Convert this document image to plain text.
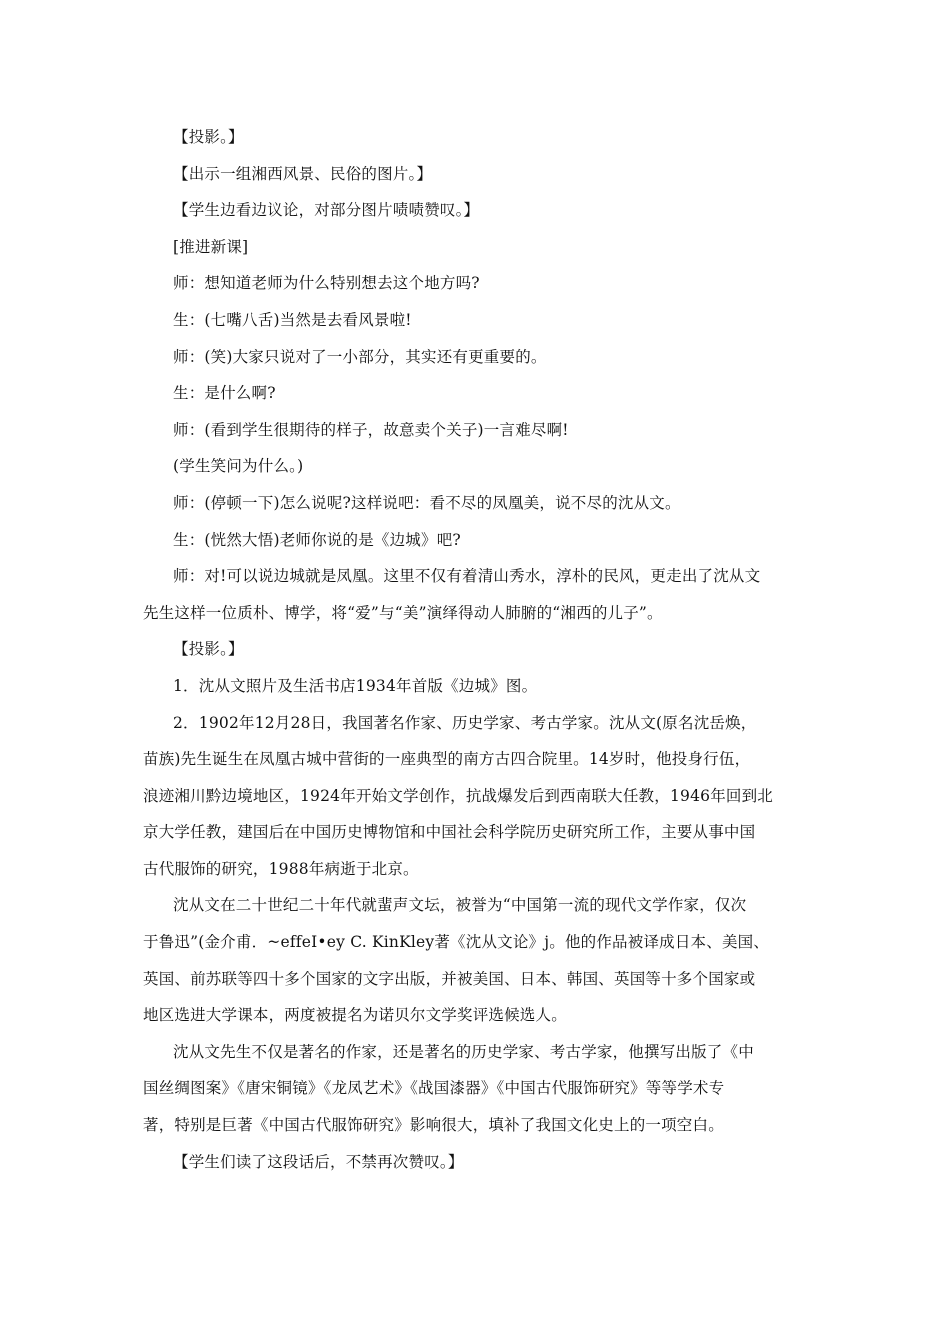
【投影。】
【出示一组湘西风景、民俗的图片。】
【学生边看边议论，对部分图片啧啧赞叹。】
[推进新课]
师：想知道老师为什么特别想去这个地方吗?
生：(七嘴八舌)当然是去看风景啦!
师：(笑)大家只说对了一小部分，其实还有更重要的。
生：是什么啊?
师：(看到学生很期待的样子，故意卖个关子)一言难尽啊!
(学生笑问为什么。)
师：(停顿一下)怎么说呢?这样说吧：看不尽的凤凰美，说不尽的沈从文。
生：(恍然大悟)老师你说的是《边城》吧?
师：对!可以说边城就是凤凰。这里不仅有着清山秀水，淳朴的民风，更走出了沈从文
先生这样一位质朴、博学，将“爱”与“美”演绎得动人肺腑的“湘西的儿子”。
【投影。】
1．沈从文照片及生活书店1934年首版《边城》图。
2．1902年12月28日，我国著名作家、历史学家、考古学家。沈从文(原名沈岳焕，
苗族)先生诞生在凤凰古城中营街的一座典型的南方古四合院里。14岁时，他投身行伍，
浪迹湘川黔边境地区，1924年开始文学创作，抗战爆发后到西南联大任教，1946年回到北
京大学任教，建国后在中国历史博物馆和中国社会科学院历史研究所工作，主要从事中国
古代服饰的研究，1988年病逝于北京。
沈从文在二十世纪二十年代就蜚声文坛，被誉为“中国第一流的现代文学作家，仅次
于鲁迅”(金介甫．~effeI•ey C. KinKley著《沈从文论》j。他的作品被译成日本、美国、
英国、前苏联等四十多个国家的文字出版，并被美国、日本、韩国、英国等十多个国家或
地区选进大学课本，两度被提名为诺贝尔文学奖评选候选人。
沈从文先生不仅是著名的作家，还是著名的历史学家、考古学家，他撰写出版了《中
国丝绸图案》《唐宋铜镜》《龙凤艺术》《战国漆器》《中国古代服饰研究》等等学术专
著，特别是巨著《中国古代服饰研究》影响很大，填补了我国文化史上的一项空白。
【学生们读了这段话后，不禁再次赞叹。】
